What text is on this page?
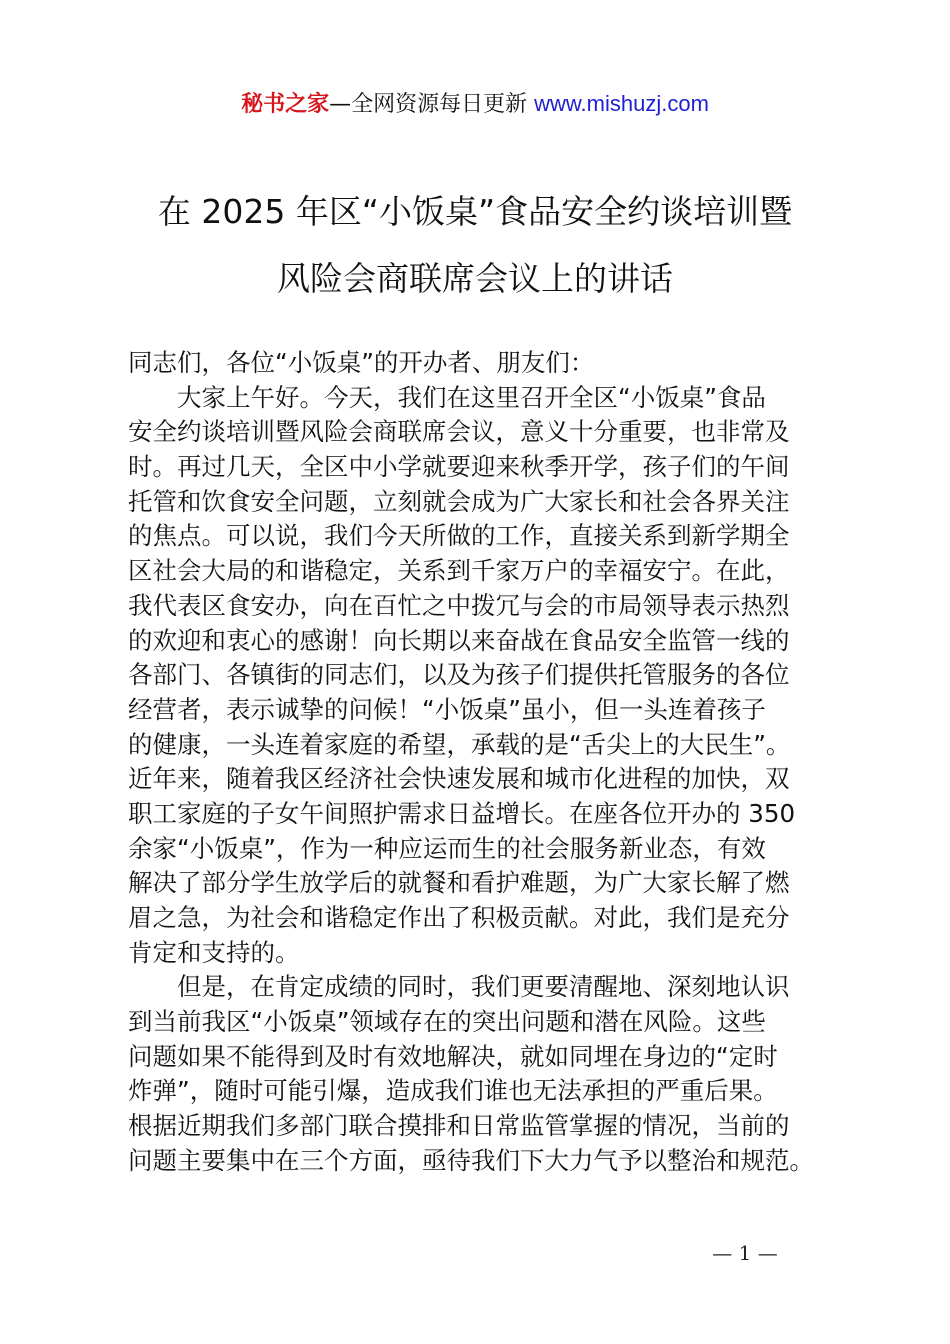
秘书之家—全网资源每日更新 www.mishuzj.com
在 2025 年区“小饭桌”食品安全约谈培训暨
风险会商联席会议上的讲话
同志们，各位“小饭桌”的开办者、朋友们：
大家上午好。今天，我们在这里召开全区“小饭桌”食品
安全约谈培训暨风险会商联席会议，意义十分重要，也非常及
时。再过几天，全区中小学就要迎来秋季开学，孩子们的午间
托管和饮食安全问题，立刻就会成为广大家长和社会各界关注
的焦点。可以说，我们今天所做的工作，直接关系到新学期全
区社会大局的和谐稳定，关系到千家万户的幸福安宁。在此，
我代表区食安办，向在百忙之中拨冗与会的市局领导表示热烈
的欢迎和衷心的感谢！向长期以来奋战在食品安全监管一线的
各部门、各镇街的同志们，以及为孩子们提供托管服务的各位
经营者，表示诚挚的问候！“小饭桌”虽小，但一头连着孩子
的健康，一头连着家庭的希望，承载的是“舌尖上的大民生”。
近年来，随着我区经济社会快速发展和城市化进程的加快，双
职工家庭的子女午间照护需求日益增长。在座各位开办的 350
余家“小饭桌”，作为一种应运而生的社会服务新业态，有效
解决了部分学生放学后的就餐和看护难题，为广大家长解了燃
眉之急，为社会和谐稳定作出了积极贡献。对此，我们是充分
肯定和支持的。
但是，在肯定成绩的同时，我们更要清醒地、深刻地认识
到当前我区“小饭桌”领域存在的突出问题和潜在风险。这些
问题如果不能得到及时有效地解决，就如同埋在身边的“定时
炸弹”，随时可能引爆，造成我们谁也无法承担的严重后果。
根据近期我们多部门联合摸排和日常监管掌握的情况，当前的
问题主要集中在三个方面，亟待我们下大力气予以整治和规范。
— 1 —
